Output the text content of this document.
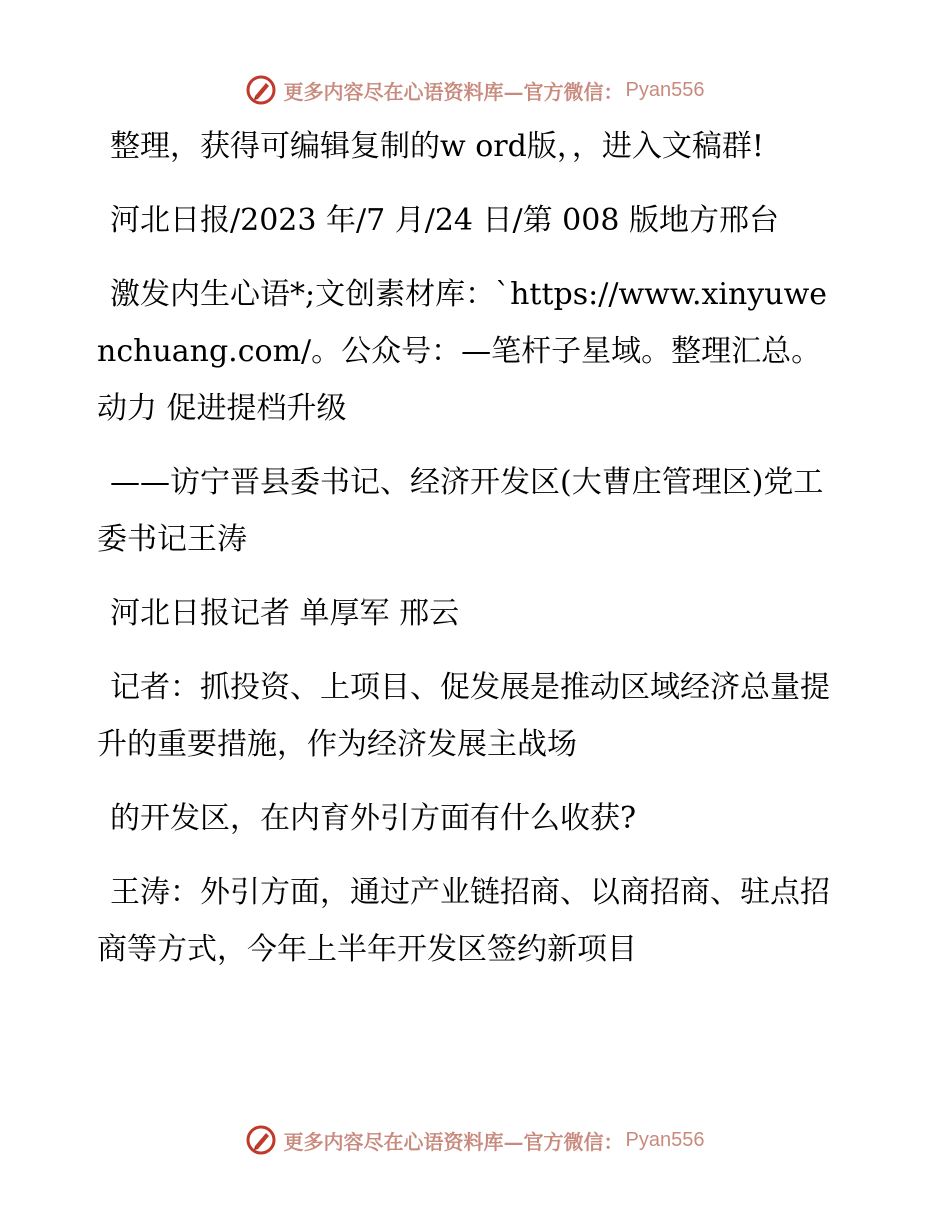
更多内容尽在心语资料库—官方微信： Pyan556

整理，获得可编辑复制的w ord版，，进入文稿群!

河北日报/2023 年/7 月/24 日/第 008 版地方邢台

激发内生心语*;文创素材库：`https://www.xinyuwenchuang.com/。公众号：—笔杆子星域。整理汇总。动力 促进提档升级

——访宁晋县委书记、经济开发区(大曹庄管理区)党工委书记王涛

河北日报记者 单厚军 邢云

记者：抓投资、上项目、促发展是推动区域经济总量提升的重要措施，作为经济发展主战场

的开发区，在内育外引方面有什么收获?

王涛：外引方面，通过产业链招商、以商招商、驻点招商等方式，今年上半年开发区签约新项目

更多内容尽在心语资料库—官方微信： Pyan556
